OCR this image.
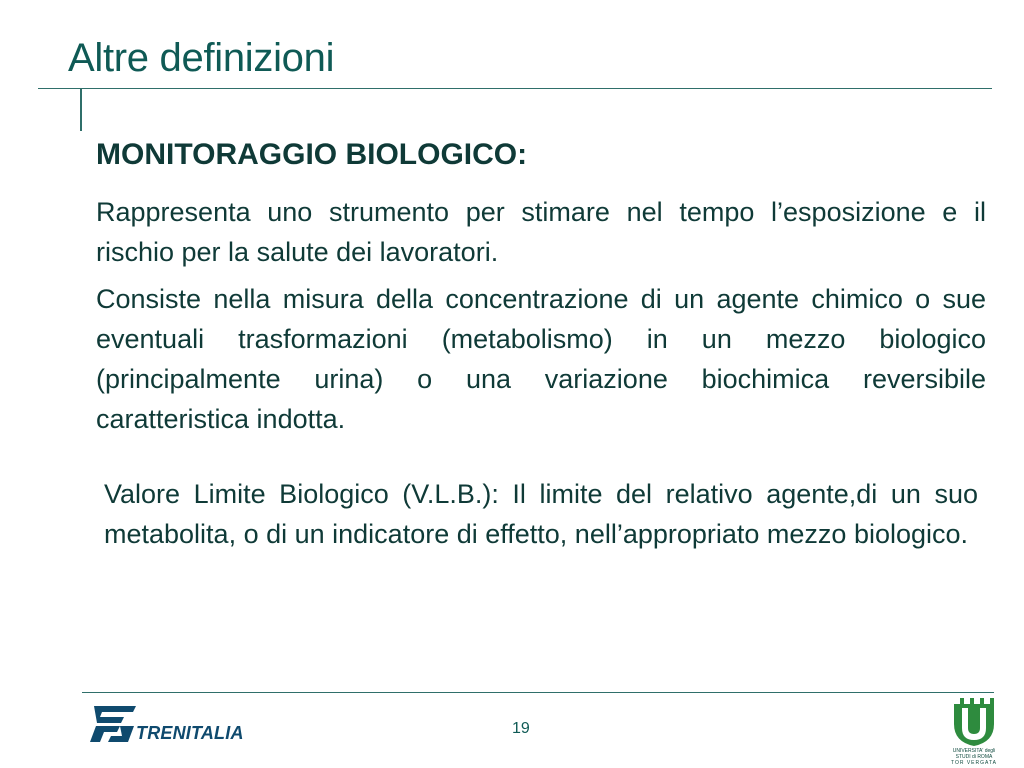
Altre definizioni
MONITORAGGIO BIOLOGICO:
Rappresenta uno strumento per stimare nel tempo l’esposizione e il rischio per la salute dei lavoratori.
Consiste nella misura della concentrazione di un agente chimico o sue eventuali trasformazioni (metabolismo) in un mezzo biologico (principalmente urina) o una variazione biochimica reversibile caratteristica indotta.
Valore Limite Biologico (V.L.B.): Il limite del relativo agente,di un suo metabolita, o di un indicatore di effetto, nell’appropriato mezzo biologico.
TRENITALIA	19
UNIVERSITA' degli STUDI di ROMA
TOR VERGATA
